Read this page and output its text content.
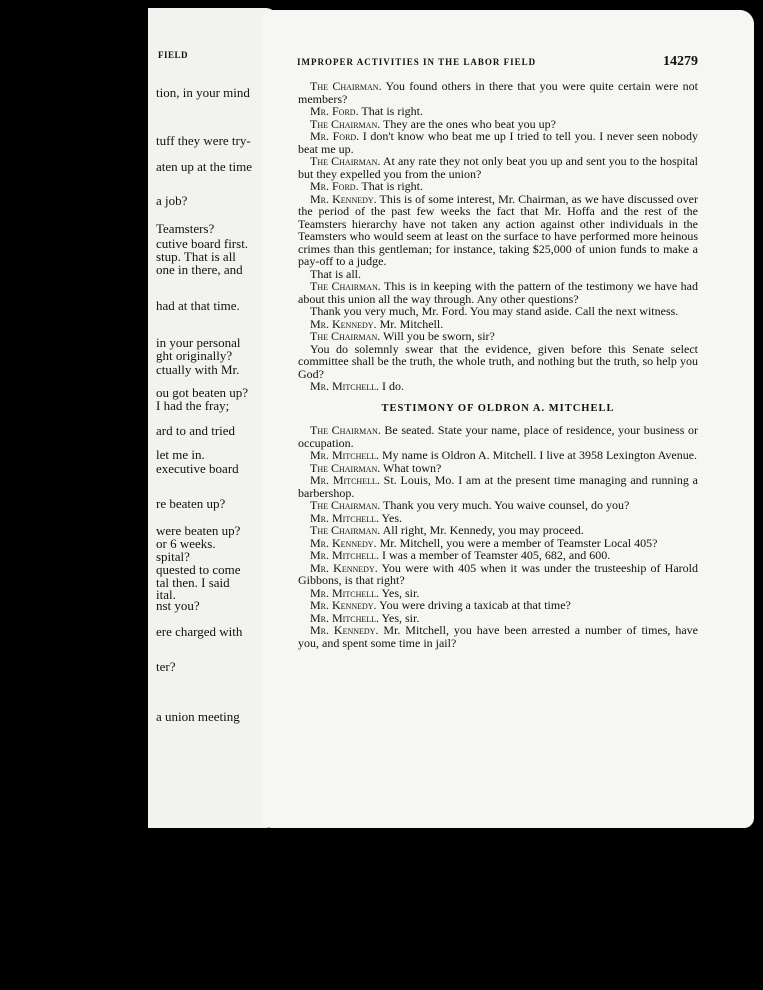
FIELD
tion, in your mind
tuff they were try-
aten up at the time
a job?
Teamsters?
cutive board first.
stup. That is all
one in there, and
had at that time.
in your personal
ght originally?
ctually with Mr.
ou got beaten up?
I had the fray;
ard to and tried
let me in.
executive board
re beaten up?
were beaten up?
or 6 weeks.
spital?
quested to come
tal then. I said
ital.
nst you?
ere charged with
ter?
a union meeting
IMPROPER ACTIVITIES IN THE LABOR FIELD	14279

The Chairman. You found others in there that you were quite certain were not members?

Mr. Ford. That is right.

The Chairman. They are the ones who beat you up?

Mr. Ford. I don't know who beat me up I tried to tell you. I never seen nobody beat me up.

The Chairman. At any rate they not only beat you up and sent you to the hospital but they expelled you from the union?

Mr. Ford. That is right.

Mr. Kennedy. This is of some interest, Mr. Chairman, as we have discussed over the period of the past few weeks the fact that Mr. Hoffa and the rest of the Teamsters hierarchy have not taken any action against other individuals in the Teamsters who would seem at least on the surface to have performed more heinous crimes than this gentleman; for instance, taking $25,000 of union funds to make a pay-off to a judge.

That is all.

The Chairman. This is in keeping with the pattern of the testimony we have had about this union all the way through. Any other questions?

Thank you very much, Mr. Ford. You may stand aside. Call the next witness.

Mr. Kennedy. Mr. Mitchell.

The Chairman. Will you be sworn, sir?

You do solemnly swear that the evidence, given before this Senate select committee shall be the truth, the whole truth, and nothing but the truth, so help you God?

Mr. Mitchell. I do.

TESTIMONY OF OLDRON A. MITCHELL

The Chairman. Be seated. State your name, place of residence, your business or occupation.

Mr. Mitchell. My name is Oldron A. Mitchell. I live at 3958 Lexington Avenue.

The Chairman. What town?

Mr. Mitchell. St. Louis, Mo. I am at the present time managing and running a barbershop.

The Chairman. Thank you very much. You waive counsel, do you?

Mr. Mitchell. Yes.

The Chairman. All right, Mr. Kennedy, you may proceed.

Mr. Kennedy. Mr. Mitchell, you were a member of Teamster Local 405?

Mr. Mitchell. I was a member of Teamster 405, 682, and 600.

Mr. Kennedy. You were with 405 when it was under the trusteeship of Harold Gibbons, is that right?

Mr. Mitchell. Yes, sir.

Mr. Kennedy. You were driving a taxicab at that time?

Mr. Mitchell. Yes, sir.

Mr. Kennedy. Mr. Mitchell, you have been arrested a number of times, have you, and spent some time in jail?
